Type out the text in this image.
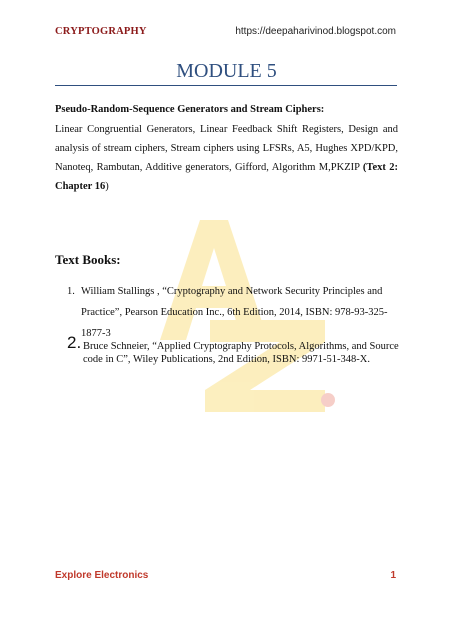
CRYPTOGRAPHY	https://deepaharivinod.blogspot.com
MODULE 5

Pseudo-Random-Sequence Generators and Stream Ciphers:

Linear Congruential Generators, Linear Feedback Shift Registers, Design and analysis of stream ciphers, Stream ciphers using LFSRs, A5, Hughes XPD/KPD, Nanoteq, Rambutan, Additive generators, Gifford, Algorithm M,PKZIP (Text 2: Chapter 16)

Text Books:
1. William Stallings , “Cryptography and Network Security Principles and Practice”, Pearson Education Inc., 6th Edition, 2014, ISBN: 978-93-325-1877-3
2. Bruce Schneier, “Applied Cryptography Protocols, Algorithms, and Source code in C”, Wiley Publications, 2nd Edition, ISBN: 9971-51-348-X.
Explore Electronics	1
